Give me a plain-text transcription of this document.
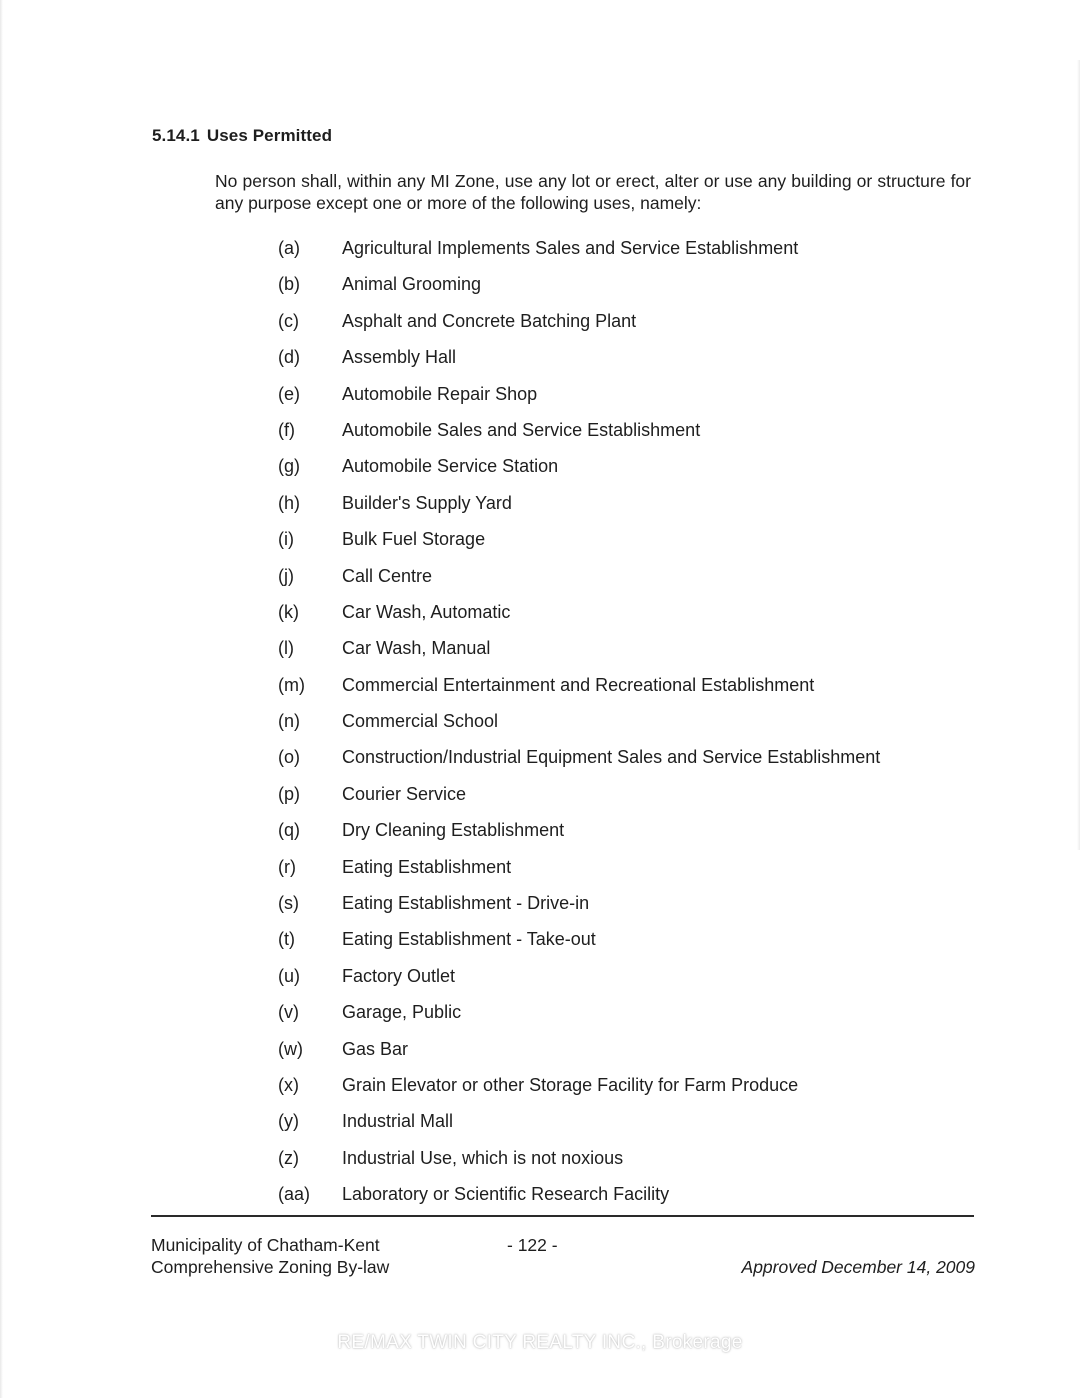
5.14.1 Uses Permitted

No person shall, within any MI Zone, use any lot or erect, alter or use any building or structure for any purpose except one or more of the following uses, namely:

(a) Agricultural Implements Sales and Service Establishment
(b) Animal Grooming
(c) Asphalt and Concrete Batching Plant
(d) Assembly Hall
(e) Automobile Repair Shop
(f)	Automobile Sales and Service Establishment
(g) Automobile Service Station
(h) Builder's Supply Yard
(i)	Bulk Fuel Storage
(j)	Call Centre
(k) Car Wash, Automatic
(l)	Car Wash, Manual
(m) Commercial Entertainment and Recreational Establishment
(n) Commercial School
(o) Construction/Industrial Equipment Sales and Service Establishment
(p) Courier Service
(q) Dry Cleaning Establishment
(r)	Eating Establishment
(s) Eating Establishment - Drive-in
(t)	Eating Establishment - Take-out
(u) Factory Outlet
(v) Garage, Public
(w) Gas Bar
(x) Grain Elevator or other Storage Facility for Farm Produce
(y) Industrial Mall
(z) Industrial Use, which is not noxious
(aa) Laboratory or Scientific Research Facility
Municipality of Chatham-Kent
Comprehensive Zoning By-law
- 122 -
Approved December 14, 2009
RE/MAX TWIN CITY REALTY INC., Brokerage
